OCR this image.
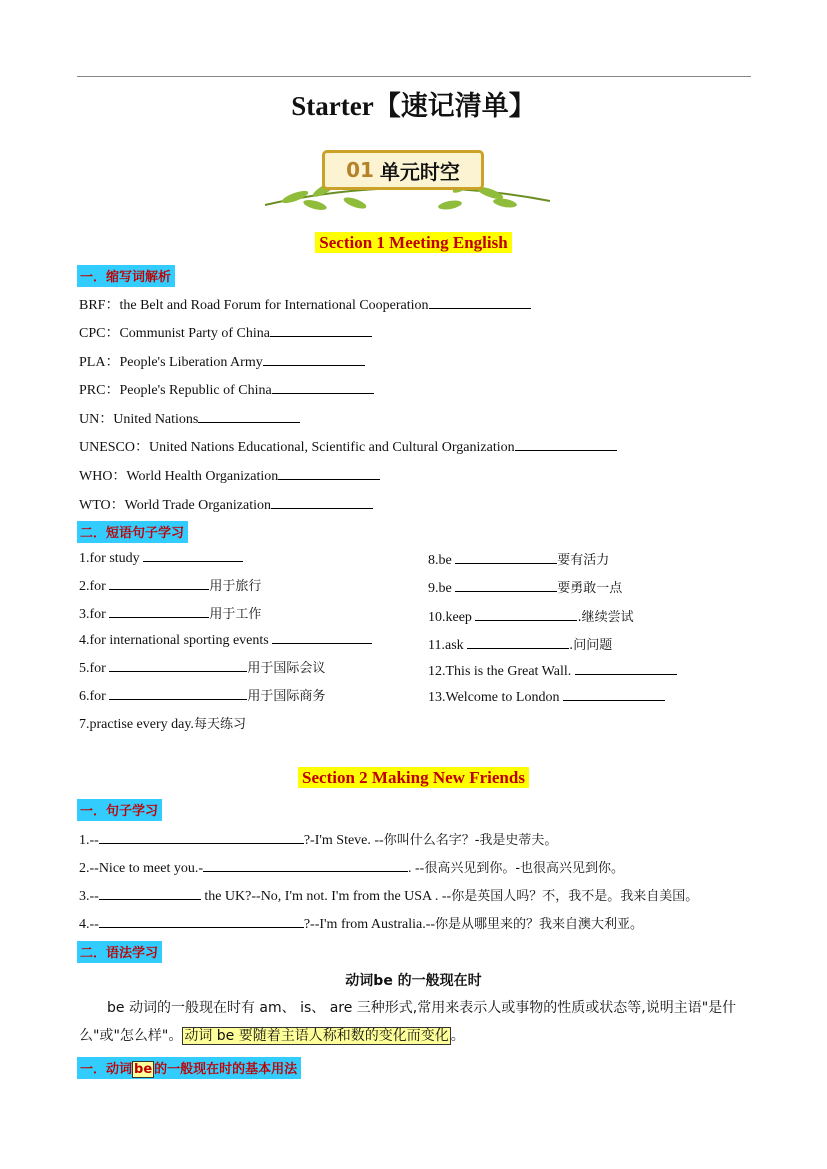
Starter【速记清单】
01 单元时空
Section 1 Meeting English
一．缩写词解析
BRF：the Belt and Road Forum for International Cooperation
CPC：Communist Party of China
PLA：People's Liberation Army
PRC：People's Republic of China
UN：United Nations
UNESCO：United Nations Educational, Scientific and Cultural Organization
WHO：World Health Organization
WTO：World Trade Organization
二．短语句子学习
1.for study
2.for	用于旅行
3.for	用于工作
4.for international sporting events
5.for	用于国际会议
6.for	用于国际商务
7.practise every day.每天练习
8.be	要有活力
9.be	要勇敢一点
10.keep	.继续尝试
11.ask	.问问题
12.This is the Great Wall.
13.Welcome to London
Section 2 Making New Friends
一．句子学习
1.--	?-I'm Steve. --你叫什么名字？-我是史蒂夫。
2.--Nice to meet you.-	. --很高兴见到你。-也很高兴见到你。
3.--	the UK?--No, I'm not. I'm from the USA . --你是英国人吗？不，我不是。我来自美国。
4.--	?--I'm from Australia.--你是从哪里来的？我来自澳大利亚。
二．语法学习
动词be 的一般现在时
be 动词的一般现在时有 am、 is、 are 三种形式,常用来表示人或事物的性质或状态等,说明主语"是什么"或"怎么样"。 动词 be 要随着主语人称和数的变化而变化 。
一．动词 be 的一般现在时的基本用法
